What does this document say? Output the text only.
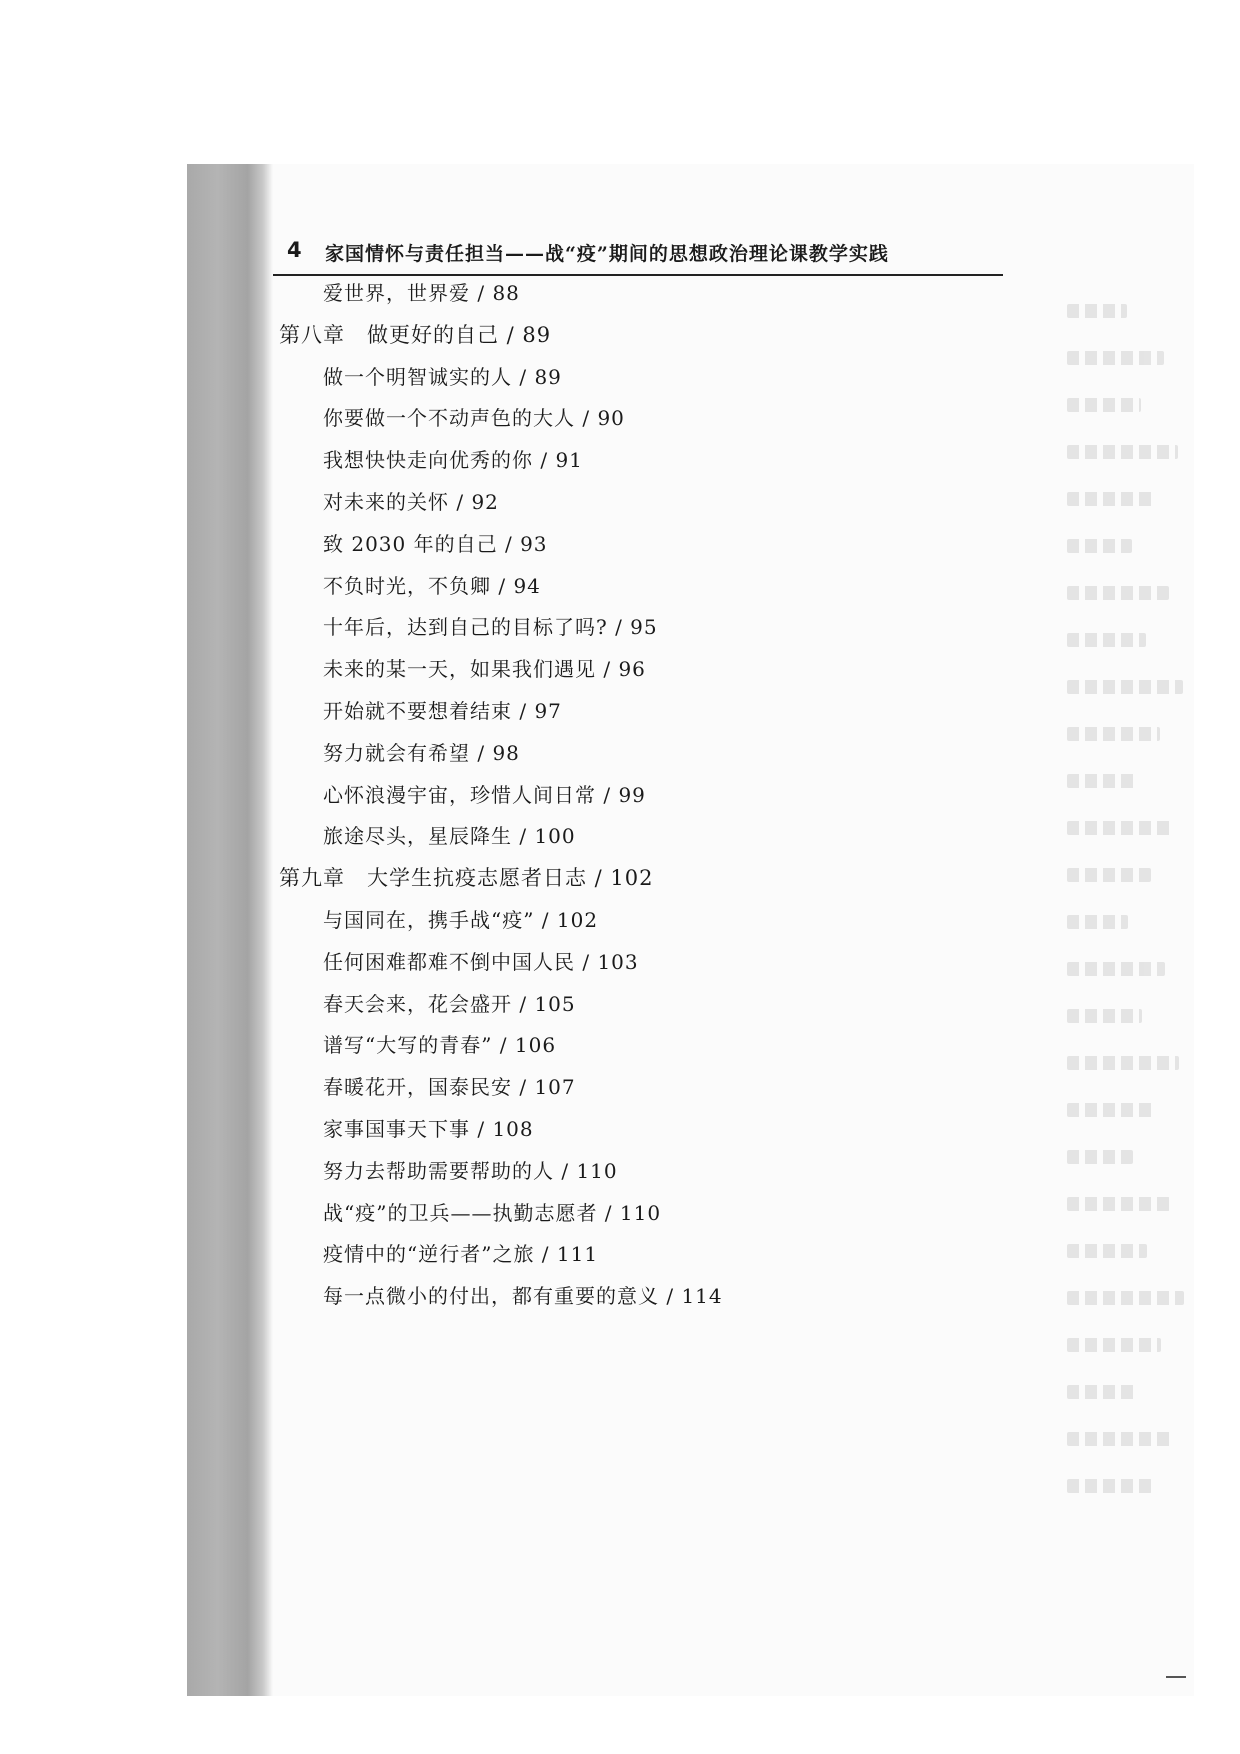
4 家国情怀与责任担当——战“疫”期间的思想政治理论课教学实践
爱世界，世界爱 / 88
第八章　做更好的自己 / 89
做一个明智诚实的人 / 89
你要做一个不动声色的大人 / 90
我想快快走向优秀的你 / 91
对未来的关怀 / 92
致 2030 年的自己 / 93
不负时光，不负卿 / 94
十年后，达到自己的目标了吗? / 95
未来的某一天，如果我们遇见 / 96
开始就不要想着结束 / 97
努力就会有希望 / 98
心怀浪漫宇宙，珍惜人间日常 / 99
旅途尽头，星辰降生 / 100
第九章　大学生抗疫志愿者日志 / 102
与国同在，携手战“疫” / 102
任何困难都难不倒中国人民 / 103
春天会来，花会盛开 / 105
谱写“大写的青春” / 106
春暖花开，国泰民安 / 107
家事国事天下事 / 108
努力去帮助需要帮助的人 / 110
战“疫”的卫兵——执勤志愿者 / 110
疫情中的“逆行者”之旅 / 111
每一点微小的付出，都有重要的意义 / 114
